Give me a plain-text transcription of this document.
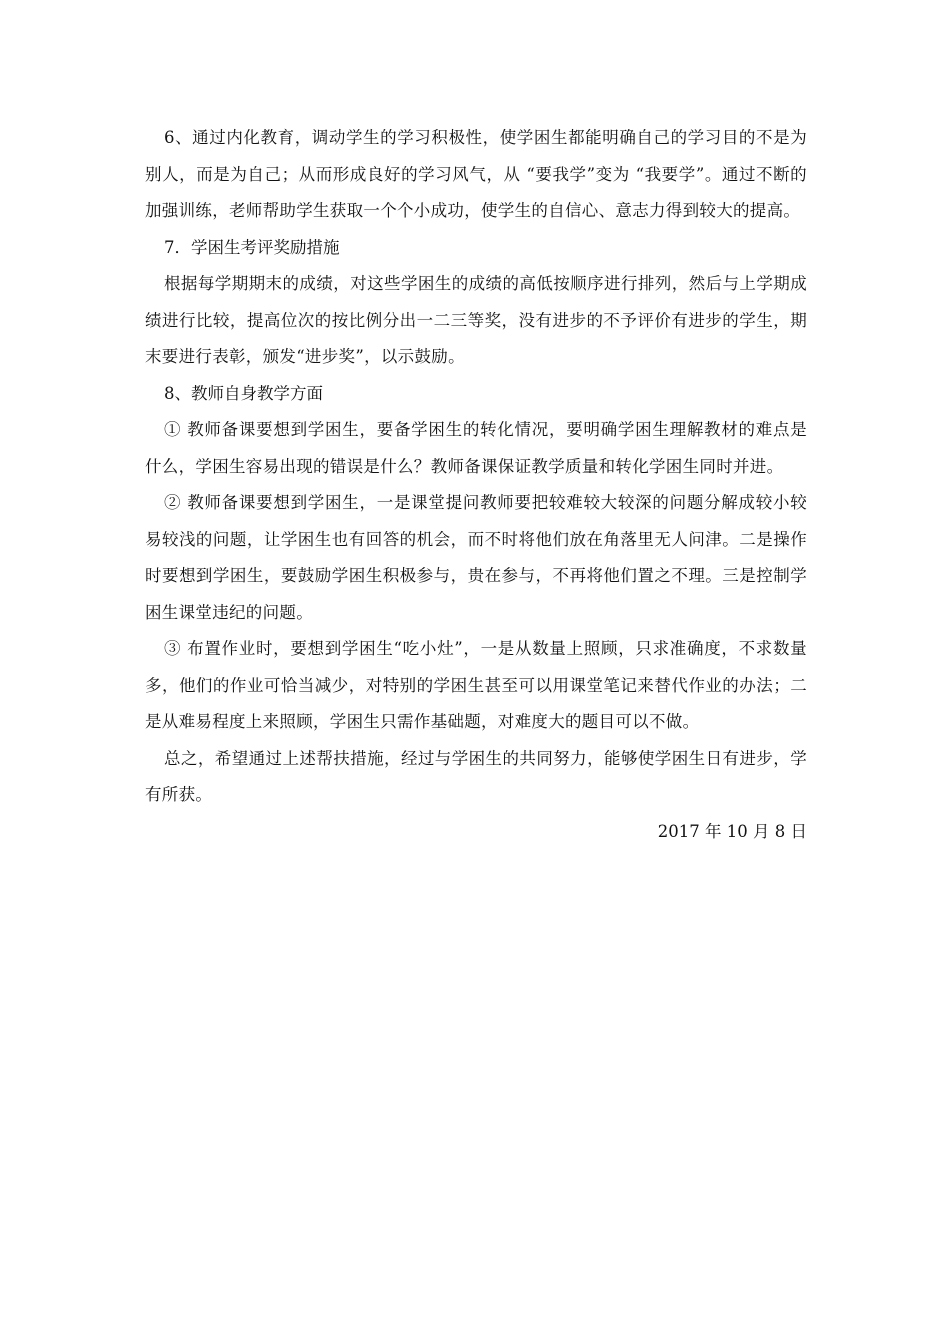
6、通过内化教育，调动学生的学习积极性，使学困生都能明确自己的学习目的不是为别人，而是为自己；从而形成良好的学习风气，从 “要我学”变为 “我要学”。通过不断的加强训练，老师帮助学生获取一个个小成功，使学生的自信心、意志力得到较大的提高。

7．学困生考评奖励措施

根据每学期期末的成绩，对这些学困生的成绩的高低按顺序进行排列，然后与上学期成绩进行比较，提高位次的按比例分出一二三等奖，没有进步的不予评价有进步的学生，期末要进行表彰，颁发“进步奖”，以示鼓励。

8、教师自身教学方面

① 教师备课要想到学困生，要备学困生的转化情况，要明确学困生理解教材的难点是什么，学困生容易出现的错误是什么？教师备课保证教学质量和转化学困生同时并进。

② 教师备课要想到学困生，一是课堂提问教师要把较难较大较深的问题分解成较小较易较浅的问题，让学困生也有回答的机会，而不时将他们放在角落里无人问津。二是操作时要想到学困生，要鼓励学困生积极参与，贵在参与，不再将他们置之不理。三是控制学困生课堂违纪的问题。

③ 布置作业时，要想到学困生“吃小灶”，一是从数量上照顾，只求准确度，不求数量多，他们的作业可恰当减少，对特别的学困生甚至可以用课堂笔记来替代作业的办法；二是从难易程度上来照顾，学困生只需作基础题，对难度大的题目可以不做。

总之，希望通过上述帮扶措施，经过与学困生的共同努力，能够使学困生日有进步，学有所获。

2017 年 10 月 8 日
